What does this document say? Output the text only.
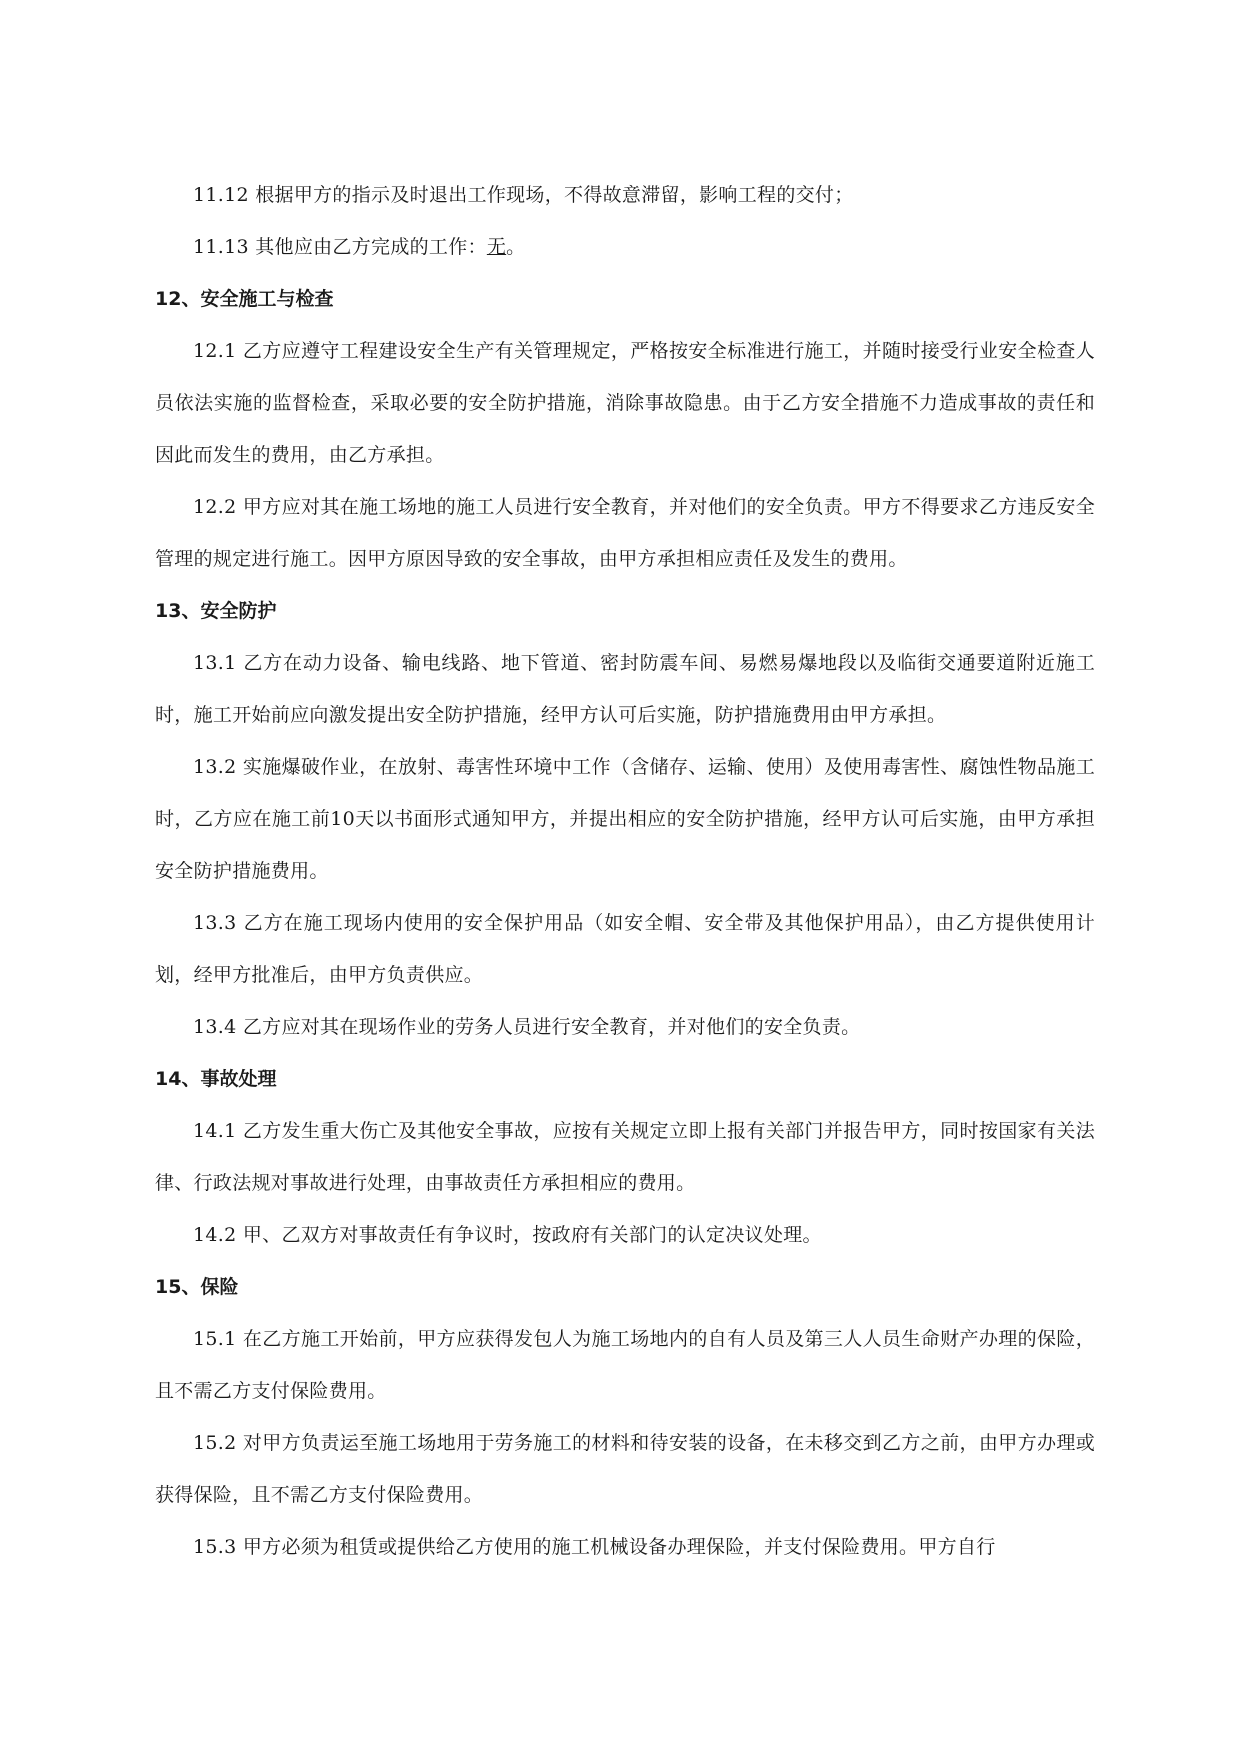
11.12 根据甲方的指示及时退出工作现场，不得故意滞留，影响工程的交付；

11.13 其他应由乙方完成的工作：无。

12、安全施工与检查

12.1 乙方应遵守工程建设安全生产有关管理规定，严格按安全标准进行施工，并随时接受行业安全检查人员依法实施的监督检查，采取必要的安全防护措施，消除事故隐患。由于乙方安全措施不力造成事故的责任和因此而发生的费用，由乙方承担。

12.2 甲方应对其在施工场地的施工人员进行安全教育，并对他们的安全负责。甲方不得要求乙方违反安全管理的规定进行施工。因甲方原因导致的安全事故，由甲方承担相应责任及发生的费用。

13、安全防护

13.1 乙方在动力设备、输电线路、地下管道、密封防震车间、易燃易爆地段以及临街交通要道附近施工时，施工开始前应向激发提出安全防护措施，经甲方认可后实施，防护措施费用由甲方承担。

13.2 实施爆破作业，在放射、毒害性环境中工作（含储存、运输、使用）及使用毒害性、腐蚀性物品施工时，乙方应在施工前10天以书面形式通知甲方，并提出相应的安全防护措施，经甲方认可后实施，由甲方承担安全防护措施费用。

13.3 乙方在施工现场内使用的安全保护用品（如安全帽、安全带及其他保护用品），由乙方提供使用计划，经甲方批准后，由甲方负责供应。

13.4 乙方应对其在现场作业的劳务人员进行安全教育，并对他们的安全负责。

14、事故处理

14.1 乙方发生重大伤亡及其他安全事故，应按有关规定立即上报有关部门并报告甲方，同时按国家有关法律、行政法规对事故进行处理，由事故责任方承担相应的费用。

14.2 甲、乙双方对事故责任有争议时，按政府有关部门的认定决议处理。

15、保险

15.1 在乙方施工开始前，甲方应获得发包人为施工场地内的自有人员及第三人人员生命财产办理的保险，且不需乙方支付保险费用。

15.2 对甲方负责运至施工场地用于劳务施工的材料和待安装的设备，在未移交到乙方之前，由甲方办理或获得保险，且不需乙方支付保险费用。

15.3 甲方必须为租赁或提供给乙方使用的施工机械设备办理保险，并支付保险费用。甲方自行
